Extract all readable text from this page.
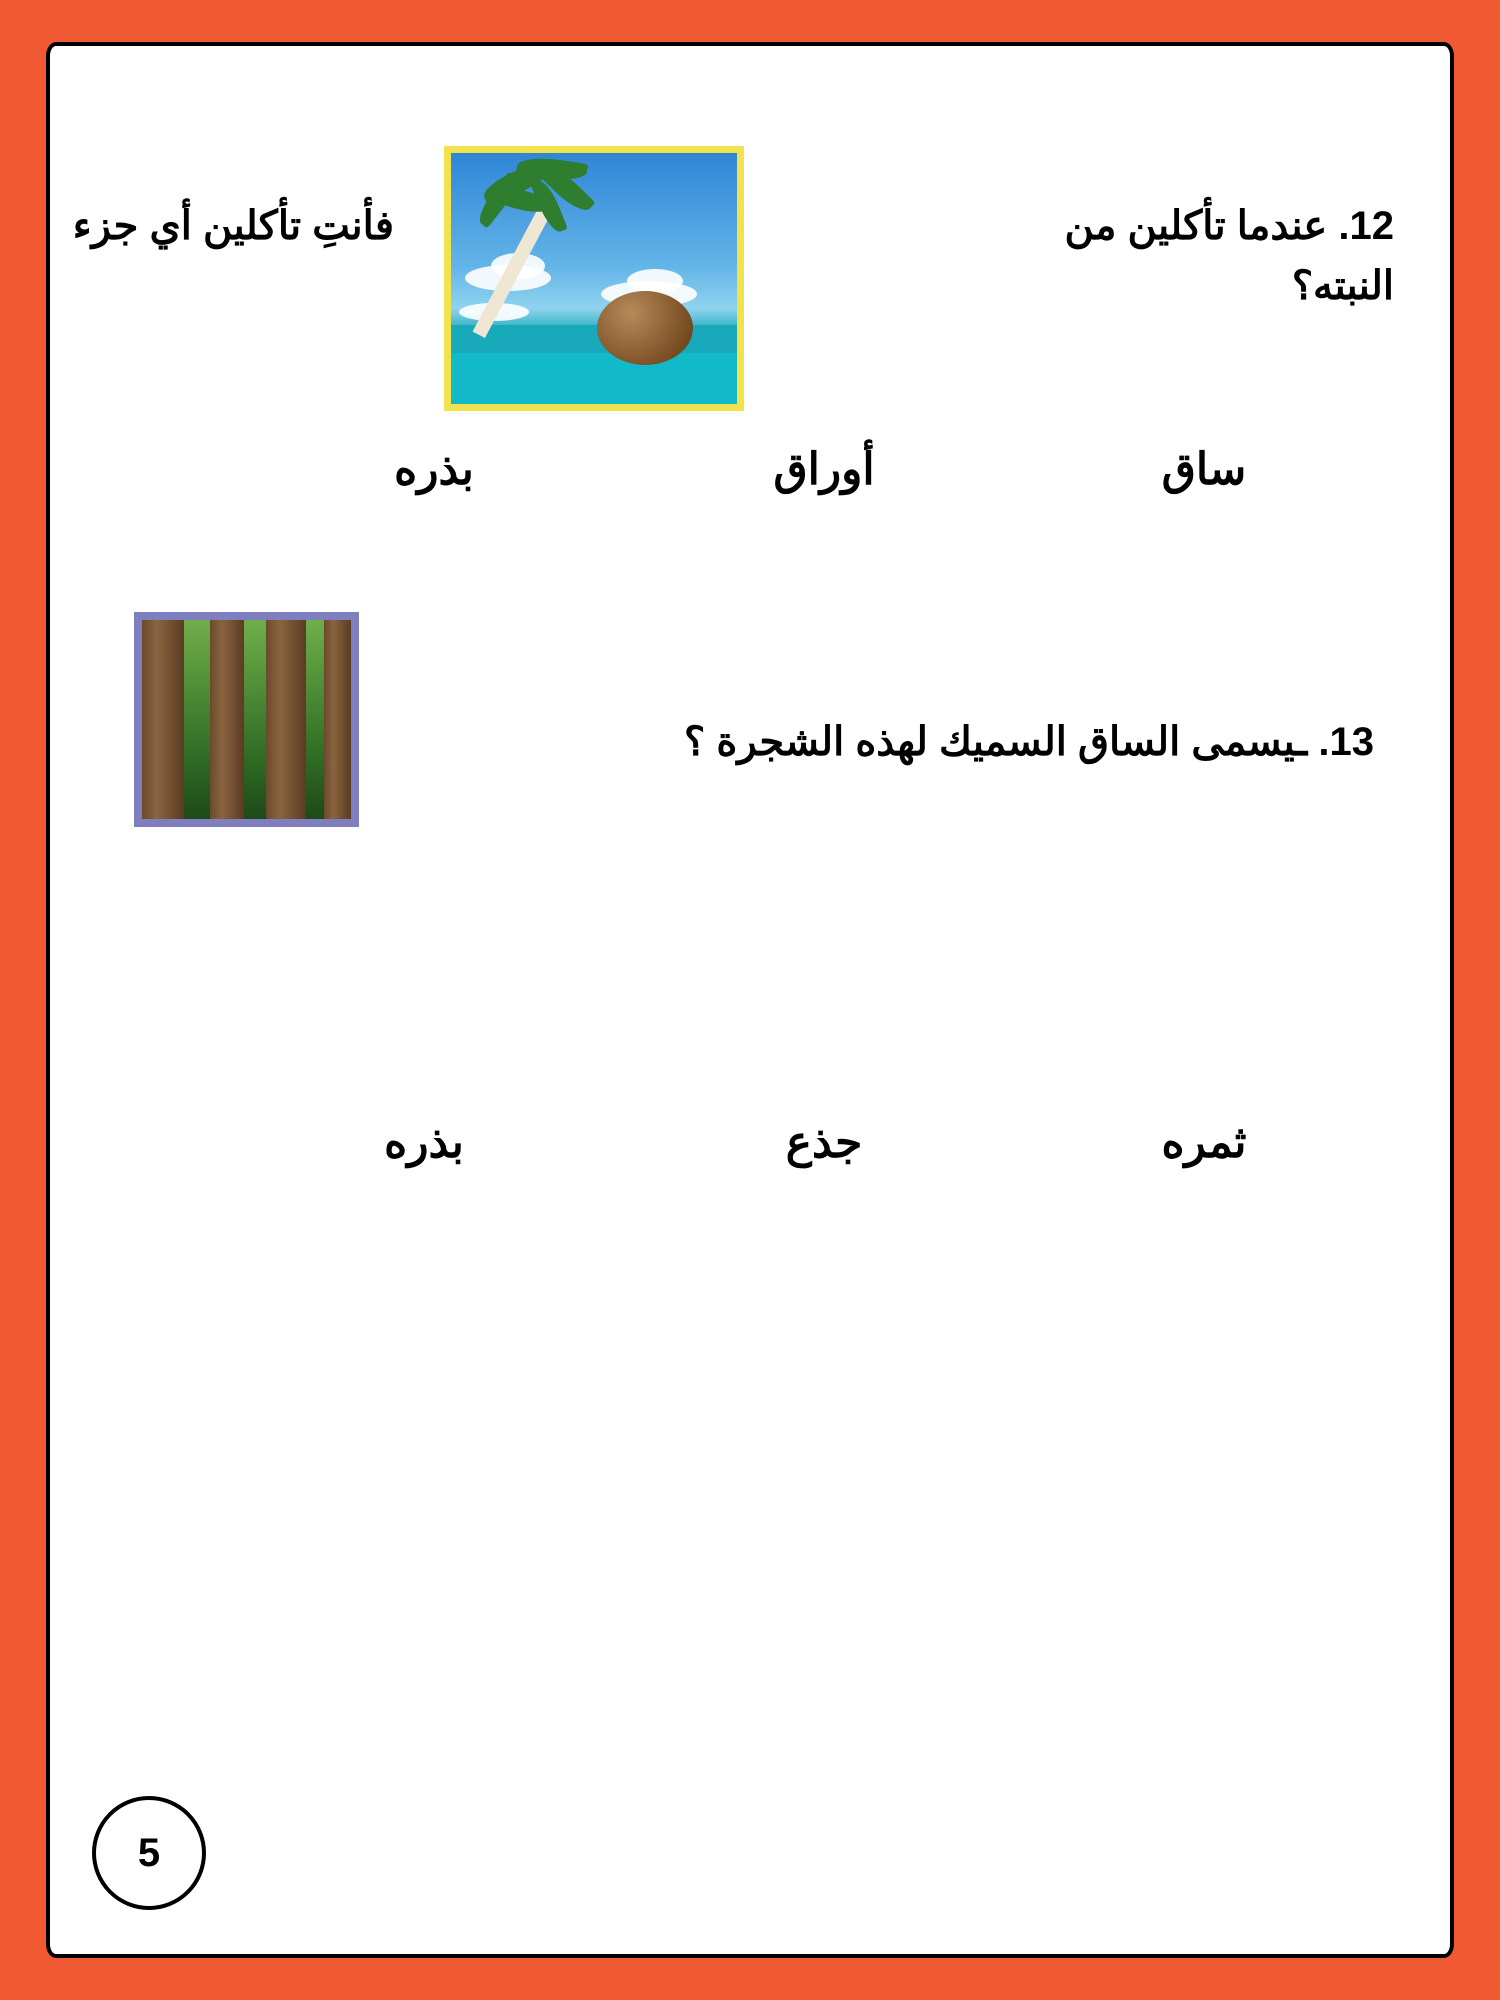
12. عندما تأكلين من النبته؟
فأنتِ تأكلين أي جزء
ساق
أوراق
بذره
13. ـيسمى الساق السميك لهذه الشجرة ؟
ثمره
جذع
بذره
5
